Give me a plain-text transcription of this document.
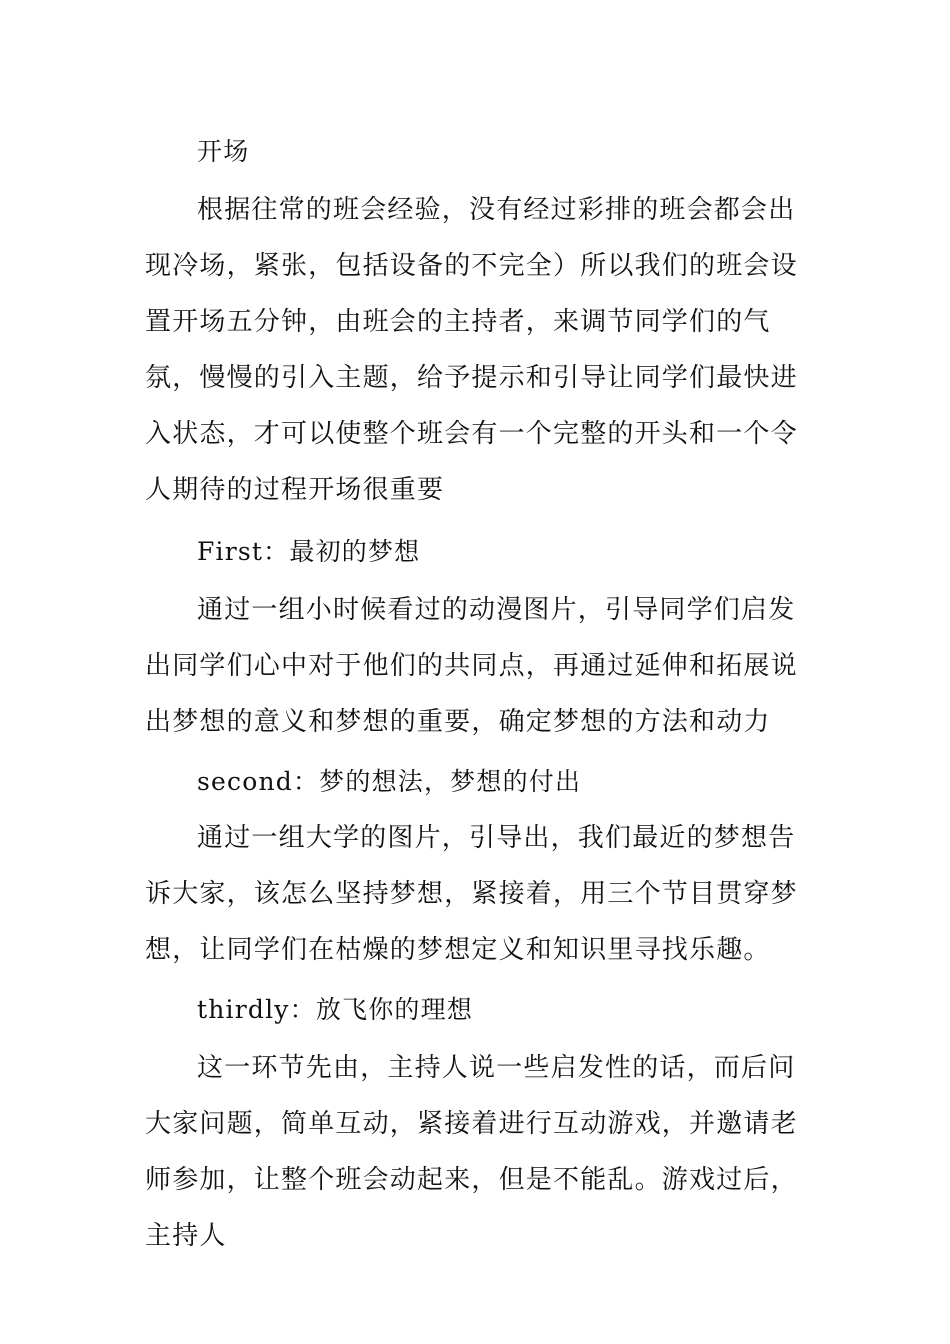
开场

根据往常的班会经验，没有经过彩排的班会都会出现冷场，紧张，包括设备的不完全）所以我们的班会设置开场五分钟，由班会的主持者，来调节同学们的气氛，慢慢的引入主题，给予提示和引导让同学们最快进入状态，才可以使整个班会有一个完整的开头和一个令人期待的过程开场很重要

First：最初的梦想

通过一组小时候看过的动漫图片，引导同学们启发出同学们心中对于他们的共同点，再通过延伸和拓展说出梦想的意义和梦想的重要，确定梦想的方法和动力

second：梦的想法，梦想的付出

通过一组大学的图片，引导出，我们最近的梦想告诉大家，该怎么坚持梦想，紧接着，用三个节目贯穿梦想，让同学们在枯燥的梦想定义和知识里寻找乐趣。

thirdly：放飞你的理想

这一环节先由，主持人说一些启发性的话，而后问大家问题，简单互动，紧接着进行互动游戏，并邀请老师参加，让整个班会动起来，但是不能乱。游戏过后，主持人
